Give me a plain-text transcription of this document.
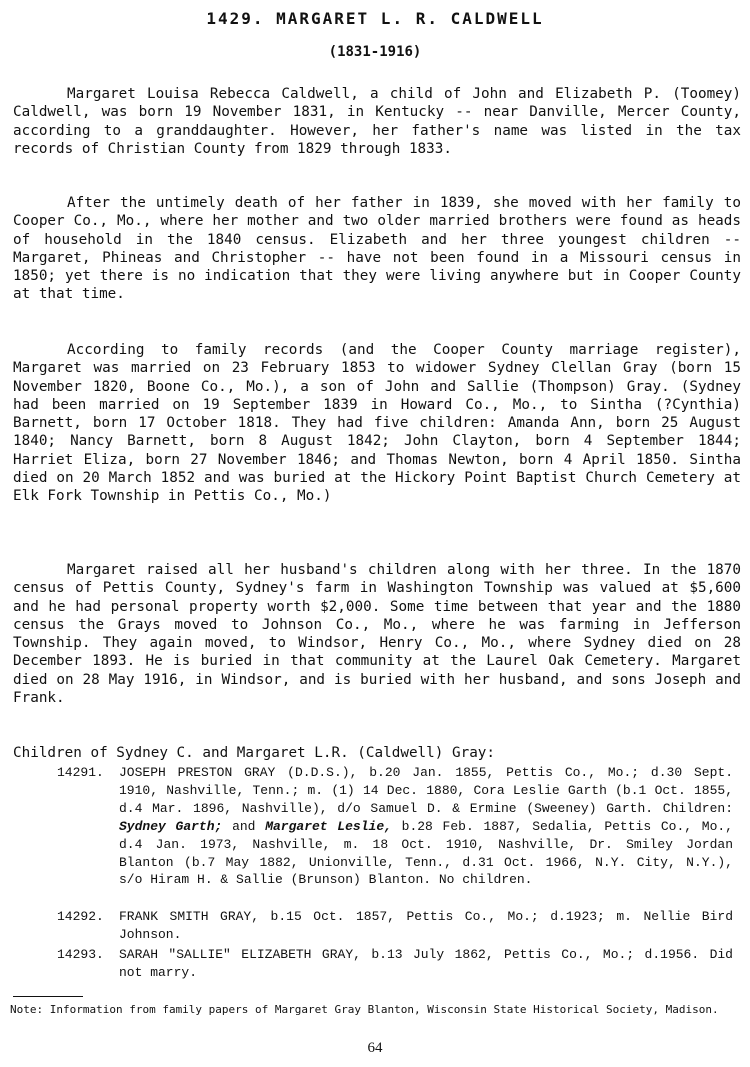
1429. MARGARET L. R. CALDWELL
(1831-1916)

Margaret Louisa Rebecca Caldwell, a child of John and Elizabeth P. (Toomey) Caldwell, was born 19 November 1831, in Kentucky -- near Danville, Mercer County, according to a granddaughter. However, her father's name was listed in the tax records of Christian County from 1829 through 1833.

After the untimely death of her father in 1839, she moved with her family to Cooper Co., Mo., where her mother and two older married brothers were found as heads of household in the 1840 census. Elizabeth and her three youngest children -- Margaret, Phineas and Christopher -- have not been found in a Missouri census in 1850; yet there is no indication that they were living anywhere but in Cooper County at that time.

According to family records (and the Cooper County marriage register), Margaret was married on 23 February 1853 to widower Sydney Clellan Gray (born 15 November 1820, Boone Co., Mo.), a son of John and Sallie (Thompson) Gray. (Sydney had been married on 19 September 1839 in Howard Co., Mo., to Sintha (?Cynthia) Barnett, born 17 October 1818. They had five children: Amanda Ann, born 25 August 1840; Nancy Barnett, born 8 August 1842; John Clayton, born 4 September 1844; Harriet Eliza, born 27 November 1846; and Thomas Newton, born 4 April 1850. Sintha died on 20 March 1852 and was buried at the Hickory Point Baptist Church Cemetery at Elk Fork Township in Pettis Co., Mo.)

Margaret raised all her husband's children along with her three. In the 1870 census of Pettis County, Sydney's farm in Washington Township was valued at $5,600 and he had personal property worth $2,000. Some time between that year and the 1880 census the Grays moved to Johnson Co., Mo., where he was farming in Jefferson Township. They again moved, to Windsor, Henry Co., Mo., where Sydney died on 28 December 1893. He is buried in that community at the Laurel Oak Cemetery. Margaret died on 28 May 1916, in Windsor, and is buried with her husband, and sons Joseph and Frank.

Children of Sydney C. and Margaret L.R. (Caldwell) Gray:
14291. JOSEPH PRESTON GRAY (D.D.S.), b.20 Jan. 1855, Pettis Co., Mo.; d.30 Sept. 1910, Nashville, Tenn.; m. (1) 14 Dec. 1880, Cora Leslie Garth (b.1 Oct. 1855, d.4 Mar. 1896, Nashville), d/o Samuel D. & Ermine (Sweeney) Garth. Children: Sydney Garth; and Margaret Leslie, b.28 Feb. 1887, Sedalia, Pettis Co., Mo., d.4 Jan. 1973, Nashville, m. 18 Oct. 1910, Nashville, Dr. Smiley Jordan Blanton (b.7 May 1882, Unionville, Tenn., d.31 Oct. 1966, N.Y. City, N.Y.), s/o Hiram H. & Sallie (Brunson) Blanton. No children.
14292. FRANK SMITH GRAY, b.15 Oct. 1857, Pettis Co., Mo.; d.1923; m. Nellie Bird Johnson.
14293. SARAH "SALLIE" ELIZABETH GRAY, b.13 July 1862, Pettis Co., Mo.; d.1956. Did not marry.
Note: Information from family papers of Margaret Gray Blanton, Wisconsin State Historical Society, Madison.
64
